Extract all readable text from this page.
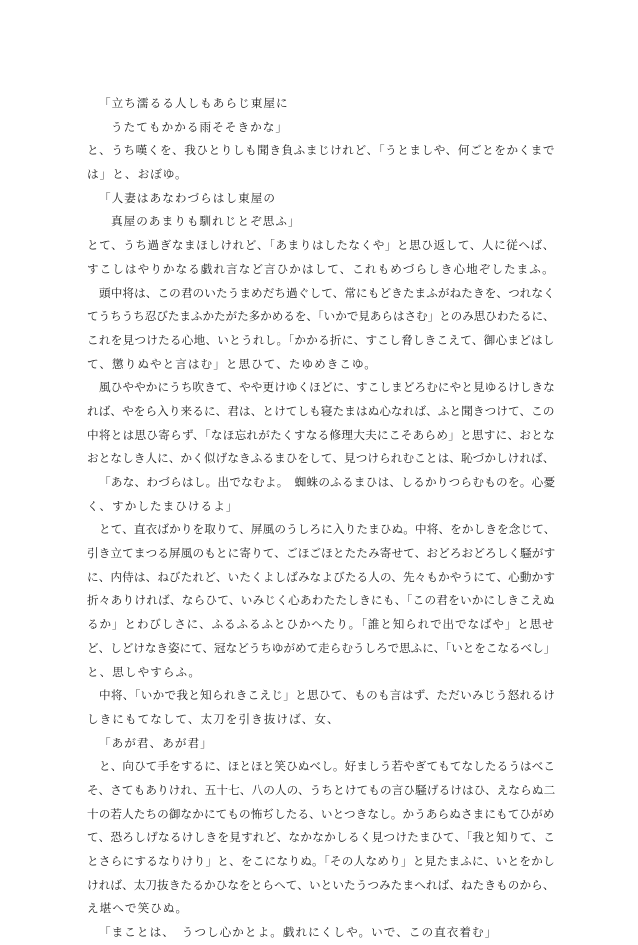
「立ち濡るる人しもあらじ東屋に
うたてもかかる雨そそきかな」
と、うち嘆くを、我ひとりしも聞き負ふまじけれど、「うとましや、何ごとをかくまで
は」と、おぼゆ。
「人妻はあなわづらはし東屋の
真屋のあまりも馴れじとぞ思ふ」
とて、うち過ぎなまほしけれど、「あまりはしたなくや」と思ひ返して、人に従へば、
すこしはやりかなる戯れ言など言ひかはして、これもめづらしき心地ぞしたまふ。
頭中将は、この君のいたうまめだち過ぐして、常にもどきたまふがねたきを、つれなく
てうちうち忍びたまふかたがた多かめるを、「いかで見あらはさむ」とのみ思ひわたるに、
これを見つけたる心地、いとうれし。「かかる折に、すこし脅しきこえて、御心まどはし
て、懲りぬやと言はむ」と思ひて、たゆめきこゆ。
風ひややかにうち吹きて、やや更けゆくほどに、すこしまどろむにやと見ゆるけしきな
れば、やをら入り来るに、君は、とけてしも寝たまはぬ心なれば、ふと聞きつけて、この
中将とは思ひ寄らず、「なほ忘れがたくすなる修理大夫にこそあらめ」と思すに、おとな
おとなしき人に、かく似げなきふるまひをして、見つけられむことは、恥づかしければ、
「あな、わづらはし。出でなむよ。　蜘蛛のふるまひは、しるかりつらむものを。心憂
く、すかしたまひけるよ」
とて、直衣ばかりを取りて、屏風のうしろに入りたまひぬ。中将、をかしきを念じて、
引き立てまつる屏風のもとに寄りて、ごほごほとたたみ寄せて、おどろおどろしく騒がす
に、内侍は、ねびたれど、いたくよしばみなよびたる人の、先々もかやうにて、心動かす
折々ありければ、ならひて、いみじく心あわたたしきにも、「この君をいかにしきこえぬ
るか」とわびしさに、ふるふるふとひかへたり。「誰と知られで出でなばや」と思せ
ど、しどけなき姿にて、冠などうちゆがめて走らむうしろで思ふに、「いとをこなるべし」
と、思しやすらふ。
中将、「いかで我と知られきこえじ」と思ひて、ものも言はず、ただいみじう怒れるけ
しきにもてなして、太刀を引き抜けば、女、
「あが君、あが君」
と、向ひて手をするに、ほとほと笑ひぬべし。好ましう若やぎてもてなしたるうはべこ
そ、さてもありけれ、五十七、八の人の、うちとけてもの言ひ騒げるけはひ、えならぬ二
十の若人たちの御なかにてもの怖ぢしたる、いとつきなし。かうあらぬさまにもてひがめ
て、恐ろしげなるけしきを見すれど、なかなかしるく見つけたまひて、「我と知りて、こ
とさらにするなりけり」と、をこになりぬ。「その人なめり」と見たまふに、いとをかし
ければ、太刀抜きたるかひなをとらへて、いといたうつみたまへれば、ねたきものから、
え堪へで笑ひぬ。
「まことは、　うつし心かとよ。戯れにくしや。いで、この直衣着む」
